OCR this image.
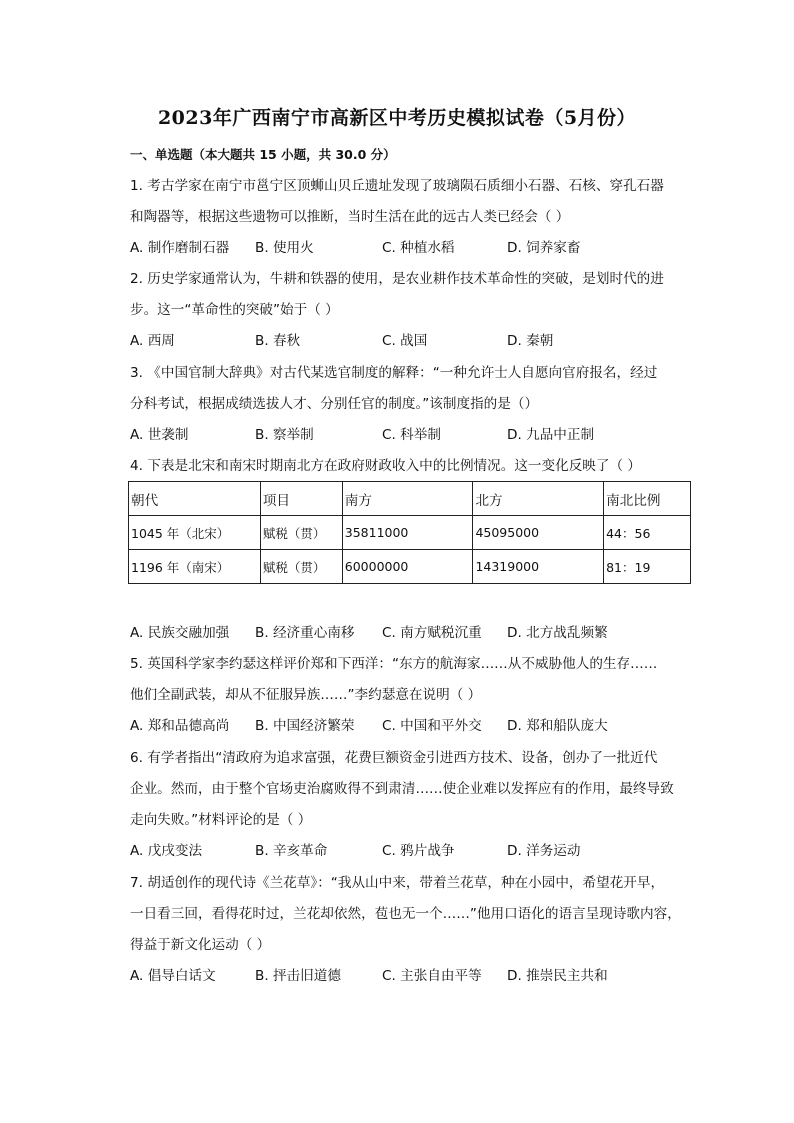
2023年广西南宁市高新区中考历史模拟试卷（5月份）
一、单选题（本大题共 15 小题，共 30.0 分）
1. 考古学家在南宁市邕宁区顶蛳山贝丘遗址发现了玻璃陨石质细小石器、石核、穿孔石器
和陶器等，根据这些遗物可以推断，当时生活在此的远古人类已经会（ ）
A. 制作磨制石器 B. 使用火	C. 种植水稻	D. 饲养家畜
2. 历史学家通常认为，牛耕和铁器的使用，是农业耕作技术革命性的突破，是划时代的进
步。这一“革命性的突破”始于（ ）
A. 西周	B. 春秋	C. 战国	D. 秦朝
3. 《中国官制大辞典》对古代某选官制度的解释：“一种允许士人自愿向官府报名，经过
分科考试，根据成绩选拔人才、分别任官的制度。”该制度指的是（）
A. 世袭制	B. 察举制	C. 科举制	D. 九品中正制
4. 下表是北宋和南宋时期南北方在政府财政收入中的比例情况。这一变化反映了（ ）
朝代	项目	南方	北方	南北比例
1045 年（北宋）	赋税（贯）	35811000	45095000	44：56
1196 年（南宋）	赋税（贯）	60000000	14319000	81：19
A. 民族交融加强 B. 经济重心南移 C. 南方赋税沉重 D. 北方战乱频繁
5. 英国科学家李约瑟这样评价郑和下西洋：“东方的航海家……从不威胁他人的生存……
他们全副武装，却从不征服异族……”李约瑟意在说明（ ）
A. 郑和品德高尚 B. 中国经济繁荣 C. 中国和平外交 D. 郑和船队庞大
6. 有学者指出“清政府为追求富强，花费巨额资金引进西方技术、设备，创办了一批近代
企业。然而，由于整个官场吏治腐败得不到肃清……使企业难以发挥应有的作用，最终导致
走向失败。”材料评论的是（ ）
A. 戊戌变法	B. 辛亥革命	C. 鸦片战争	D. 洋务运动
7. 胡适创作的现代诗《兰花草》：“我从山中来，带着兰花草，种在小园中，希望花开早，
一日看三回，看得花时过，兰花却依然，苞也无一个……”他用口语化的语言呈现诗歌内容，
得益于新文化运动（ ）
A. 倡导白话文	B. 抨击旧道德	C. 主张自由平等 D. 推崇民主共和
